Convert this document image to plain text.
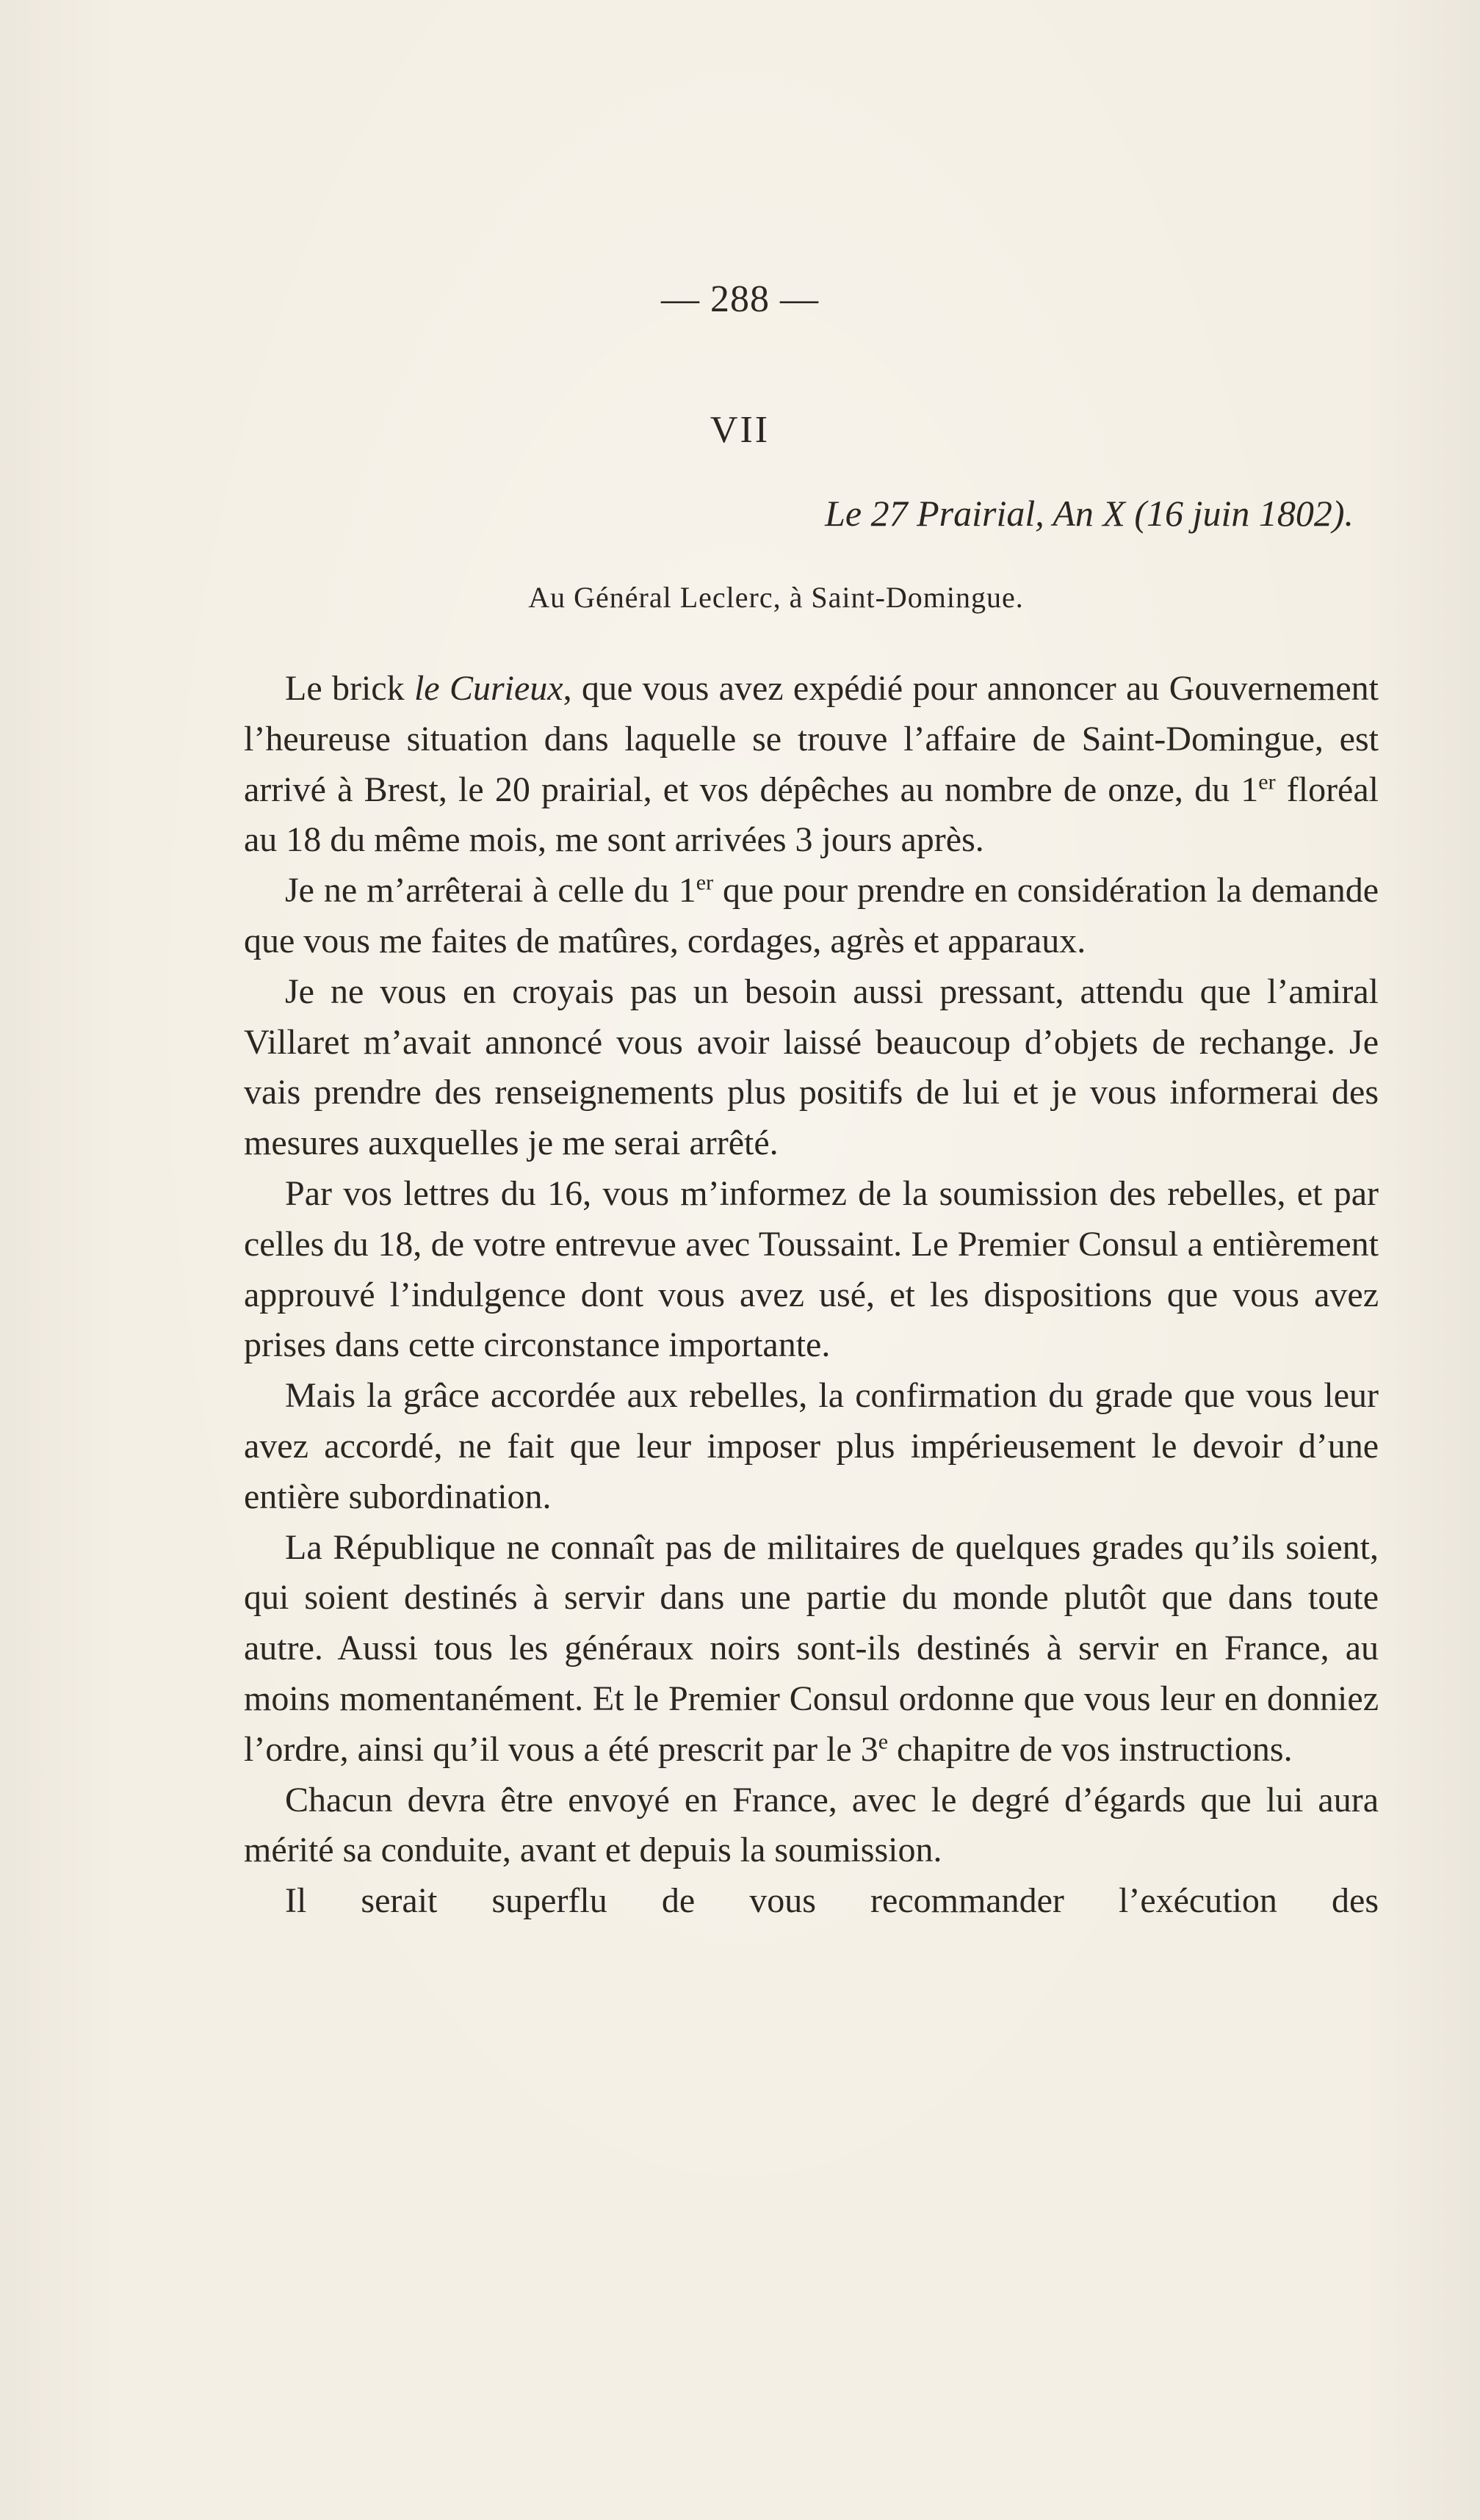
— 288 —
VII
Le 27 Prairial, An X (16 juin 1802).
Au Général Leclerc, à Saint-Domingue.

Le brick le Curieux, que vous avez expédié pour annoncer au Gouvernement l’heureuse situation dans laquelle se trouve l’affaire de Saint-Domingue, est arrivé à Brest, le 20 prairial, et vos dépêches au nombre de onze, du 1er floréal au 18 du même mois, me sont arrivées 3 jours après.

Je ne m’arrêterai à celle du 1er que pour prendre en considération la demande que vous me faites de matûres, cordages, agrès et apparaux.

Je ne vous en croyais pas un besoin aussi pressant, attendu que l’amiral Villaret m’avait annoncé vous avoir laissé beaucoup d’objets de rechange. Je vais prendre des renseignements plus positifs de lui et je vous informerai des mesures auxquelles je me serai arrêté.

Par vos lettres du 16, vous m’informez de la soumission des rebelles, et par celles du 18, de votre entrevue avec Toussaint. Le Premier Consul a entièrement approuvé l’indulgence dont vous avez usé, et les dispositions que vous avez prises dans cette circonstance importante.

Mais la grâce accordée aux rebelles, la confirmation du grade que vous leur avez accordé, ne fait que leur imposer plus impérieusement le devoir d’une entière subordination.

La République ne connaît pas de militaires de quelques grades qu’ils soient, qui soient destinés à servir dans une partie du monde plutôt que dans toute autre. Aussi tous les généraux noirs sont-ils destinés à servir en France, au moins momentanément. Et le Premier Consul ordonne que vous leur en donniez l’ordre, ainsi qu’il vous a été prescrit par le 3e chapitre de vos instructions.

Chacun devra être envoyé en France, avec le degré d’égards que lui aura mérité sa conduite, avant et depuis la soumission.

Il serait superflu de vous recommander l’exécution des
